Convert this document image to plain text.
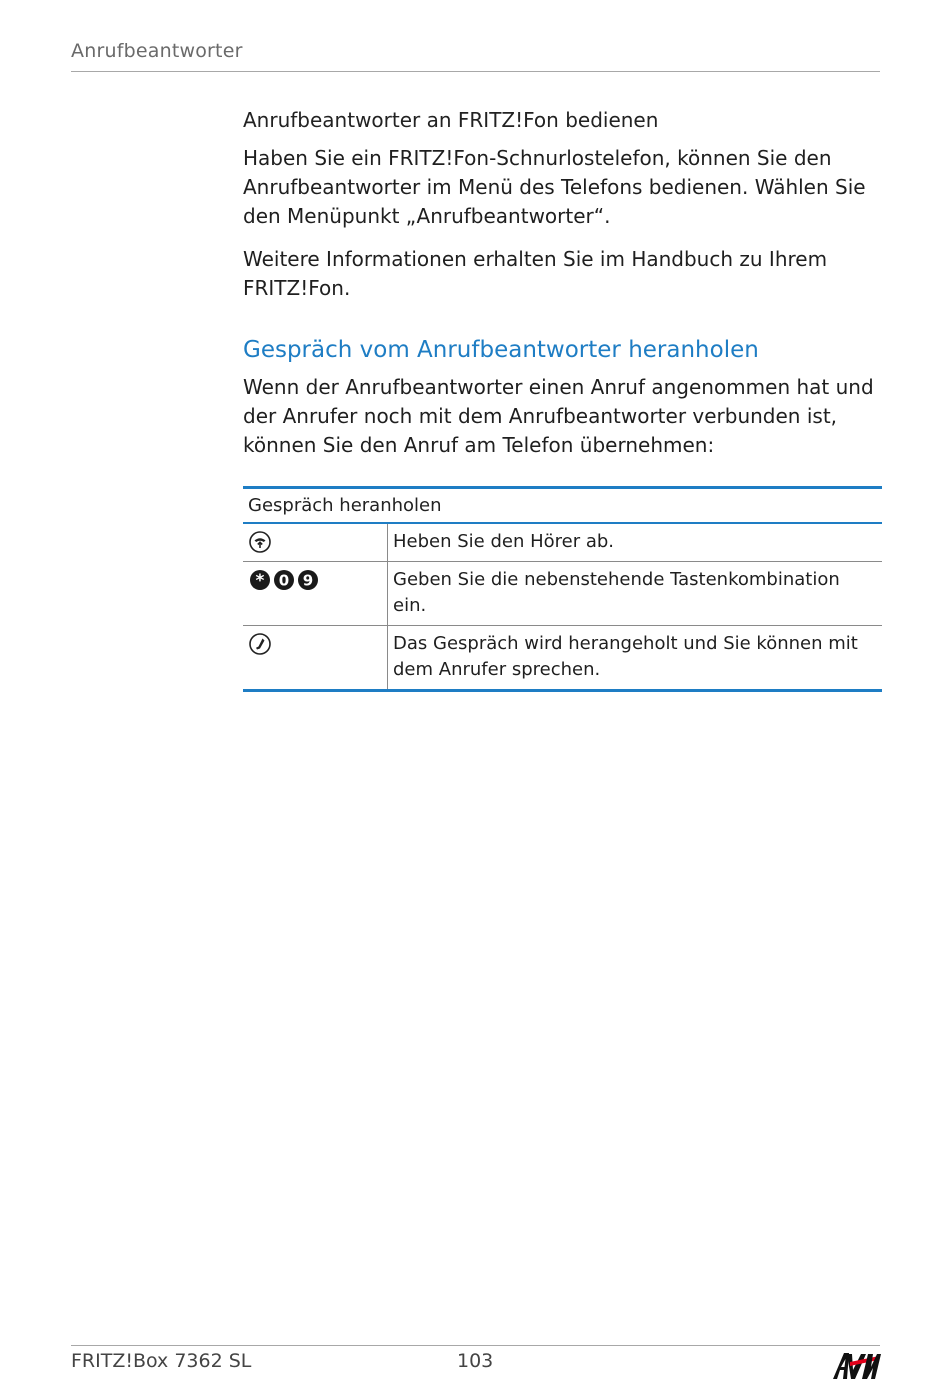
Anrufbeantworter
Anrufbeantworter an FRITZ!Fon bedienen

Haben Sie ein FRITZ!Fon-Schnurlostelefon, können Sie den Anrufbeantworter im Menü des Telefons bedienen. Wählen Sie den Menüpunkt „Anrufbeantworter“.

Weitere Informationen erhalten Sie im Handbuch zu Ihrem FRITZ!Fon.

Gespräch vom Anrufbeantworter heranholen

Wenn der Anrufbeantworter einen Anruf angenommen hat und der Anrufer noch mit dem Anrufbeantworter verbunden ist, können Sie den Anruf am Telefon übernehmen:

Gespräch heranholen	
	Heben Sie den Hörer ab.

* 0 9	Geben Sie die nebenstehende Tastenkombination ein.
	Das Gespräch wird herangeholt und Sie können mit dem Anrufer sprechen.
FRITZ!Box 7362 SL	103
